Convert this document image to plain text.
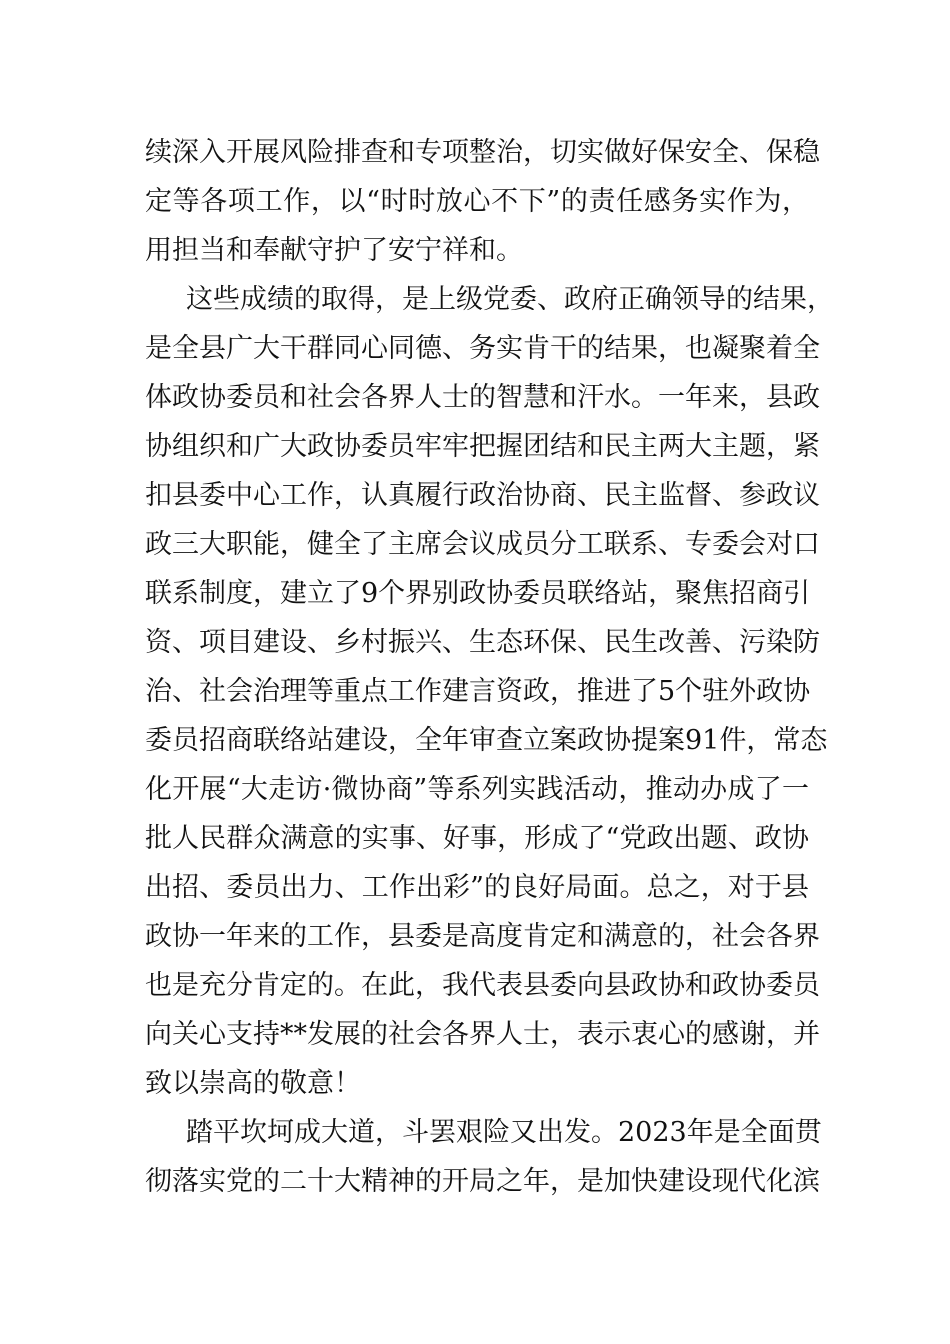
续深入开展风险排查和专项整治，切实做好保安全、保稳
定等各项工作，以“时时放心不下”的责任感务实作为，
用担当和奉献守护了安宁祥和。
这些成绩的取得，是上级党委、政府正确领导的结果，
是全县广大干群同心同德、务实肯干的结果，也凝聚着全
体政协委员和社会各界人士的智慧和汗水。一年来，县政
协组织和广大政协委员牢牢把握团结和民主两大主题，紧
扣县委中心工作，认真履行政治协商、民主监督、参政议
政三大职能，健全了主席会议成员分工联系、专委会对口
联系制度，建立了9个界别政协委员联络站，聚焦招商引
资、项目建设、乡村振兴、生态环保、民生改善、污染防
治、社会治理等重点工作建言资政，推进了5个驻外政协
委员招商联络站建设，全年审查立案政协提案91件，常态
化开展“大走访·微协商”等系列实践活动，推动办成了一
批人民群众满意的实事、好事，形成了“党政出题、政协
出招、委员出力、工作出彩”的良好局面。总之，对于县
政协一年来的工作，县委是高度肯定和满意的，社会各界
也是充分肯定的。在此，我代表县委向县政协和政协委员
向关心支持**发展的社会各界人士，表示衷心的感谢，并
致以崇高的敬意！
踏平坎坷成大道，斗罢艰险又出发。2023年是全面贯
彻落实党的二十大精神的开局之年，是加快建设现代化滨
